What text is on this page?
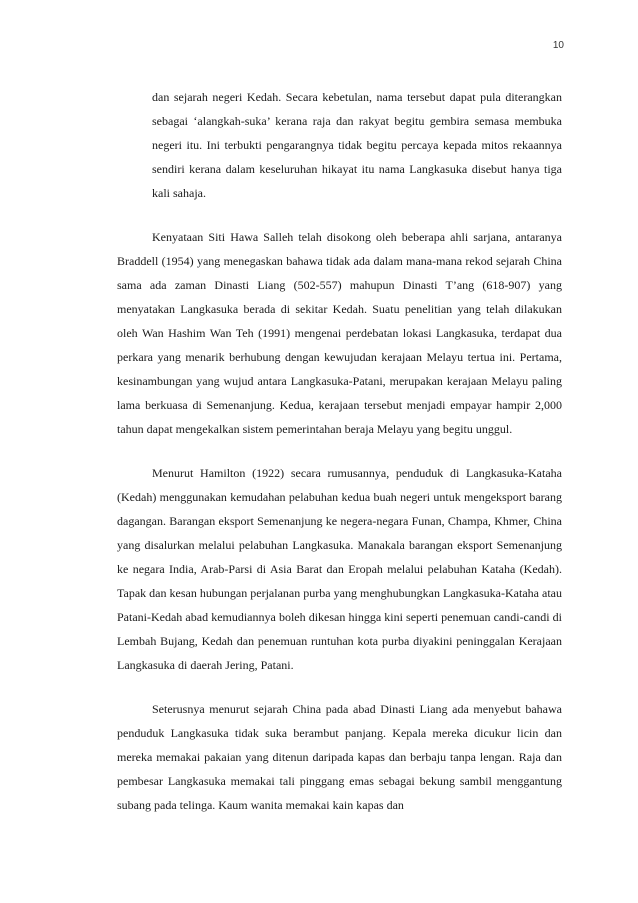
10

dan sejarah negeri Kedah. Secara kebetulan, nama tersebut dapat pula diterangkan sebagai ‘alangkah-suka’ kerana raja dan rakyat begitu gembira semasa membuka negeri itu. Ini terbukti pengarangnya tidak begitu percaya kepada mitos rekaannya sendiri kerana dalam keseluruhan hikayat itu nama Langkasuka disebut hanya tiga kali sahaja.

Kenyataan Siti Hawa Salleh telah disokong oleh beberapa ahli sarjana, antaranya Braddell (1954) yang menegaskan bahawa tidak ada dalam mana-mana rekod sejarah China sama ada zaman Dinasti Liang (502-557) mahupun Dinasti T’ang (618-907) yang menyatakan Langkasuka berada di sekitar Kedah. Suatu penelitian yang telah dilakukan oleh Wan Hashim Wan Teh (1991) mengenai perdebatan lokasi Langkasuka, terdapat dua perkara yang menarik berhubung dengan kewujudan kerajaan Melayu tertua ini. Pertama, kesinambungan yang wujud antara Langkasuka-Patani, merupakan kerajaan Melayu paling lama berkuasa di Semenanjung. Kedua, kerajaan tersebut menjadi empayar hampir 2,000 tahun dapat mengekalkan sistem pemerintahan beraja Melayu yang begitu unggul.

Menurut Hamilton (1922) secara rumusannya, penduduk di Langkasuka-Kataha (Kedah) menggunakan kemudahan pelabuhan kedua buah negeri untuk mengeksport barang dagangan. Barangan eksport Semenanjung ke negera-negara Funan, Champa, Khmer, China yang disalurkan melalui pelabuhan Langkasuka. Manakala barangan eksport Semenanjung ke negara India, Arab-Parsi di Asia Barat dan Eropah melalui pelabuhan Kataha (Kedah). Tapak dan kesan hubungan perjalanan purba yang menghubungkan Langkasuka-Kataha atau Patani-Kedah abad kemudiannya boleh dikesan hingga kini seperti penemuan candi-candi di Lembah Bujang, Kedah dan penemuan runtuhan kota purba diyakini peninggalan Kerajaan Langkasuka di daerah Jering, Patani.

Seterusnya menurut sejarah China pada abad Dinasti Liang ada menyebut bahawa penduduk Langkasuka tidak suka berambut panjang. Kepala mereka dicukur licin dan mereka memakai pakaian yang ditenun daripada kapas dan berbaju tanpa lengan. Raja dan pembesar Langkasuka memakai tali pinggang emas sebagai bekung sambil menggantung subang pada telinga. Kaum wanita memakai kain kapas dan
